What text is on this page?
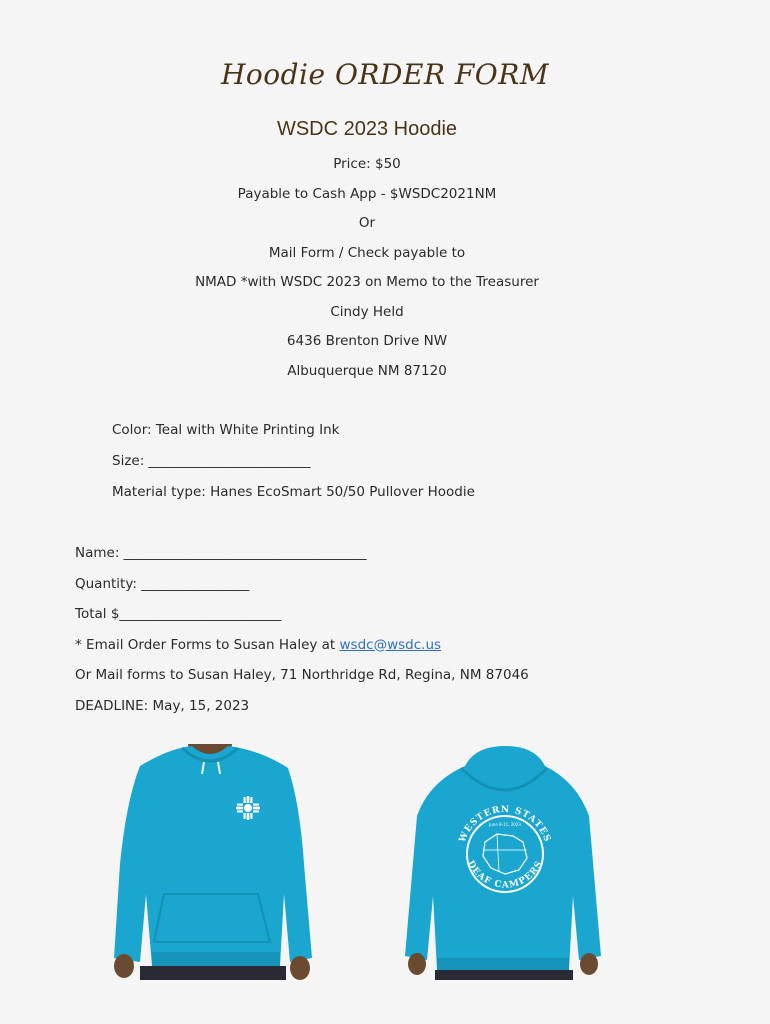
Hoodie ORDER FORM
WSDC 2023 Hoodie
Price: $50
Payable to Cash App - $WSDC2021NM
Or
Mail Form / Check payable to
NMAD *with WSDC 2023 on Memo to the Treasurer
Cindy Held
6436 Brenton Drive NW
Albuquerque NM 87120
Color: Teal with White Printing Ink
Size: ________________________
Material type: Hanes EcoSmart 50/50 Pullover Hoodie
Name: ____________________________________
Quantity: ________________
Total $________________________
* Email Order Forms to Susan Haley at wsdc@wsdc.us
Or Mail forms to Susan Haley, 71 Northridge Rd, Regina, NM 87046
DEADLINE: May, 15, 2023
WESTERN STATES
June 8-11, 2023
DEAF CAMPERS
